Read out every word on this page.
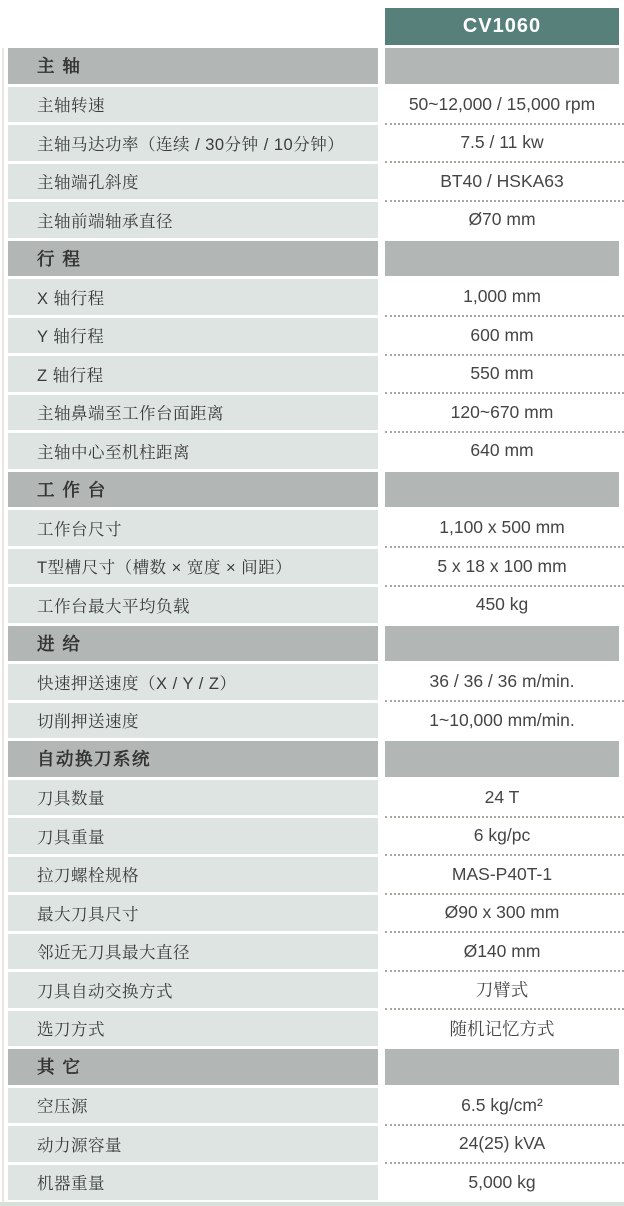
CV1060
主 轴
主轴转速	50~12,000 / 15,000 rpm
主轴马达功率（连续 / 30分钟 / 10分钟）	7.5 / 11 kw
主轴端孔斜度	BT40 / HSKA63
主轴前端轴承直径	Ø70 mm
行 程
X 轴行程	1,000 mm
Y 轴行程	600 mm
Z 轴行程	550 mm
主轴鼻端至工作台面距离	120~670 mm
主轴中心至机柱距离	640 mm
工 作 台
工作台尺寸	1,100 x 500 mm
T型槽尺寸（槽数 × 宽度 × 间距）	5 x 18 x 100 mm
工作台最大平均负载	450 kg
进 给
快速押送速度（X / Y / Z）	36 / 36 / 36 m/min.
切削押送速度	1~10,000 mm/min.
自动换刀系统
刀具数量	24 T
刀具重量	6 kg/pc
拉刀螺栓规格	MAS-P40T-1
最大刀具尺寸	Ø90 x 300 mm
邻近无刀具最大直径	Ø140 mm
刀具自动交换方式	刀臂式
选刀方式	随机记忆方式
其 它
空压源	6.5 kg/cm²
动力源容量	24(25) kVA
机器重量	5,000 kg
